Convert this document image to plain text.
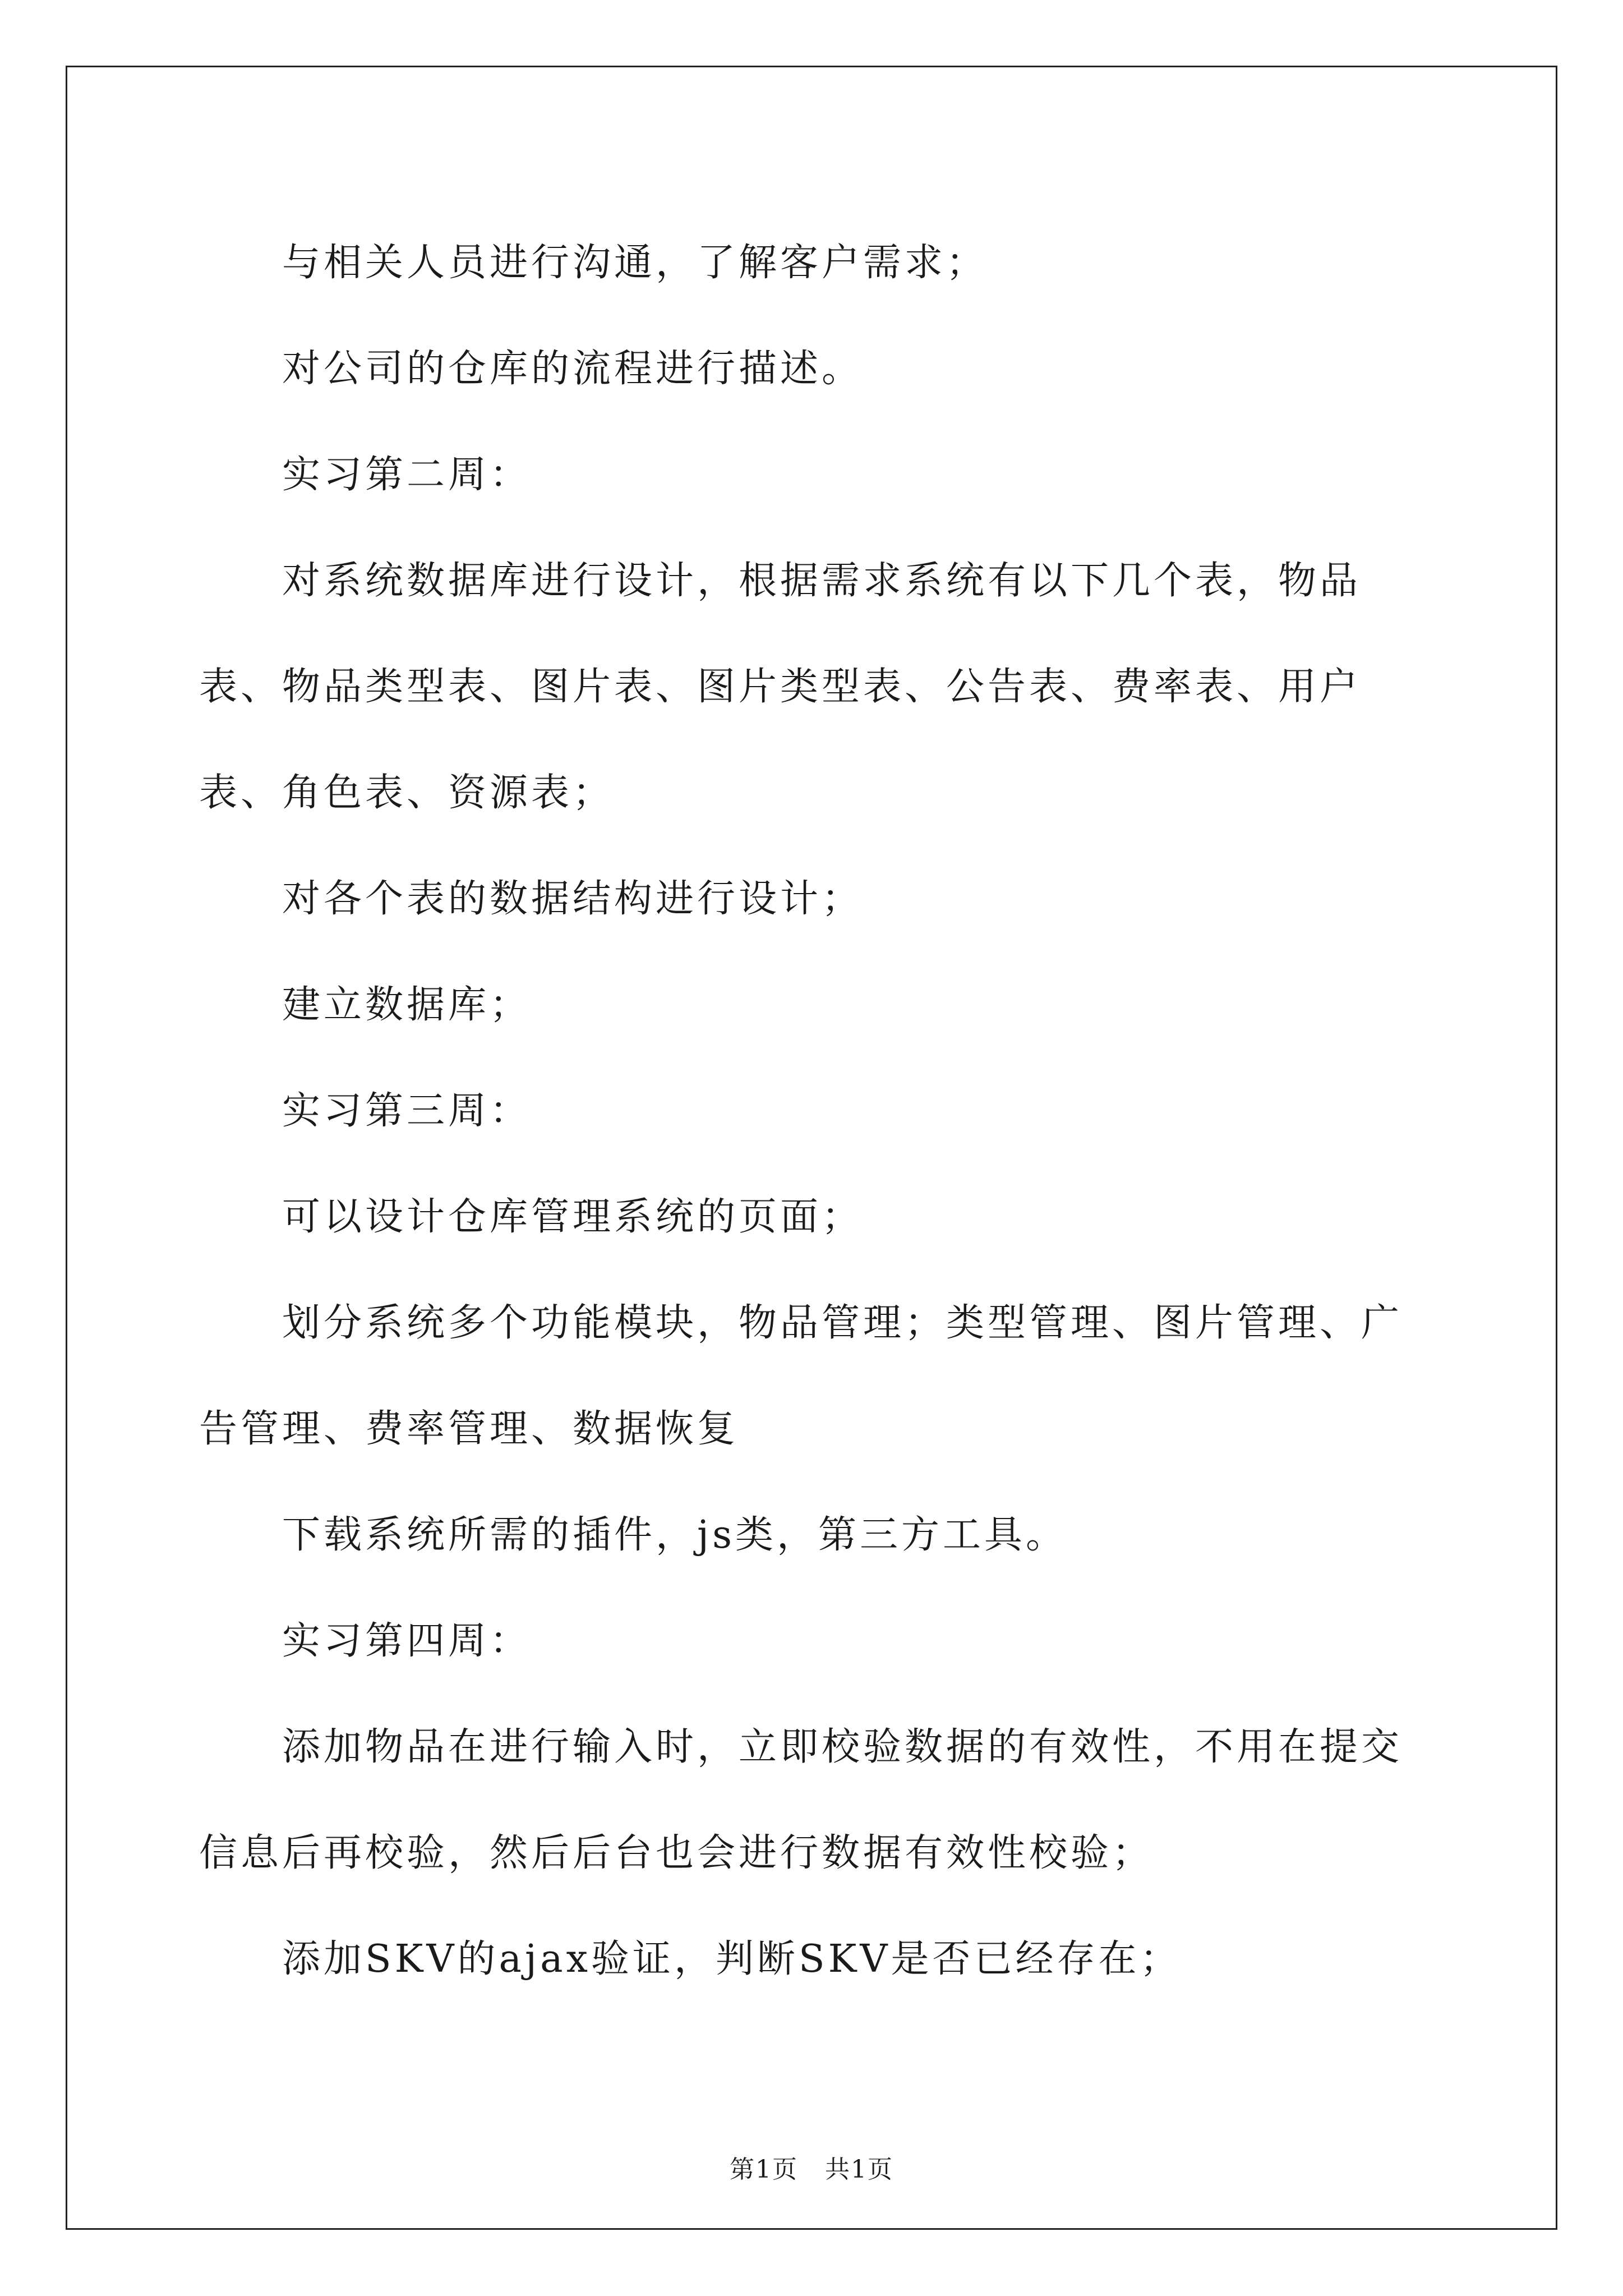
与相关人员进行沟通，了解客户需求；

对公司的仓库的流程进行描述。

实习第二周：

对系统数据库进行设计，根据需求系统有以下几个表，物品表、物品类型表、图片表、图片类型表、公告表、费率表、用户表、角色表、资源表；

对各个表的数据结构进行设计；

建立数据库；

实习第三周：

可以设计仓库管理系统的页面；

划分系统多个功能模块，物品管理；类型管理、图片管理、广告管理、费率管理、数据恢复

下载系统所需的插件，js类，第三方工具。

实习第四周：

添加物品在进行输入时，立即校验数据的有效性，不用在提交信息后再校验，然后后台也会进行数据有效性校验；

添加SKV的ajax验证，判断SKV是否已经存在；

第1页 共1页
